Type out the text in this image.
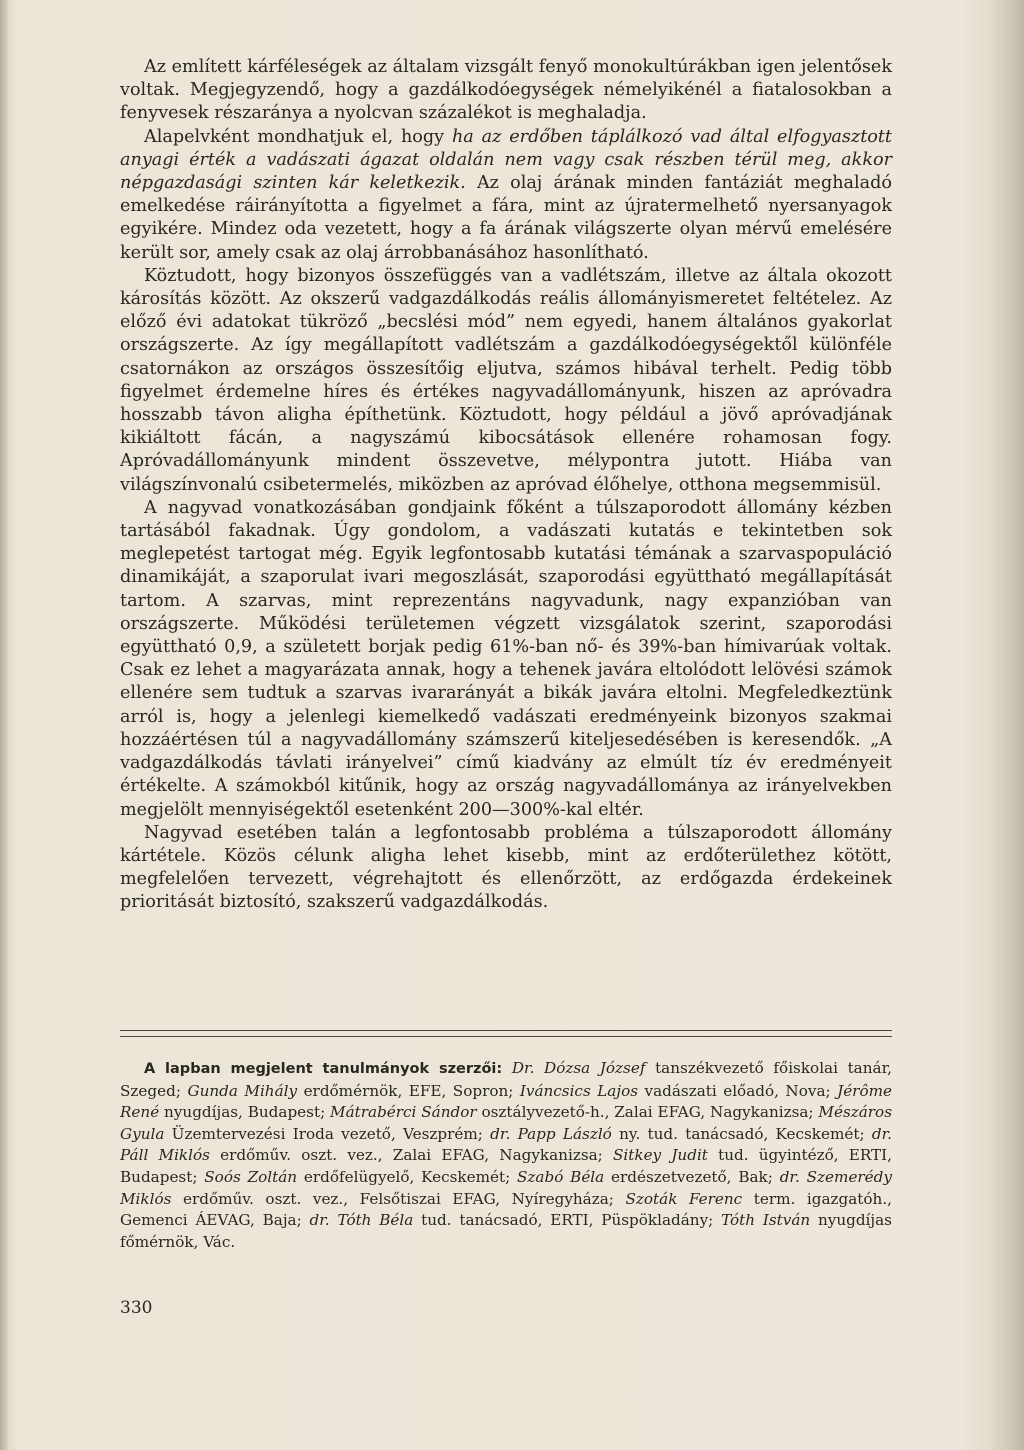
Az említett kárféleségek az általam vizsgált fenyő monokultúrákban igen jelentősek voltak. Megjegyzendő, hogy a gazdálkodóegységek némelyikénél a fiatalosokban a fenyvesek részaránya a nyolcvan százalékot is meghaladja.

Alapelvként mondhatjuk el, hogy ha az erdőben táplálkozó vad által elfogyasztott anyagi érték a vadászati ágazat oldalán nem vagy csak részben térül meg, akkor népgazdasági szinten kár keletkezik. Az olaj árának minden fantáziát meghaladó emelkedése ráirányította a figyelmet a fára, mint az újratermelhető nyersanyagok egyikére. Mindez oda vezetett, hogy a fa árának világszerte olyan mérvű emelésére került sor, amely csak az olaj árrobbanásához hasonlítható.

Köztudott, hogy bizonyos összefüggés van a vadlétszám, illetve az általa okozott károsítás között. Az okszerű vadgazdálkodás reális állományismeretet feltételez. Az előző évi adatokat tükröző „becslési mód” nem egyedi, hanem általános gyakorlat országszerte. Az így megállapított vadlétszám a gazdálkodóegységektől különféle csatornákon az országos összesítőig eljutva, számos hibával terhelt. Pedig több figyelmet érdemelne híres és értékes nagyvadállományunk, hiszen az apróvadra hosszabb távon aligha építhetünk. Köztudott, hogy például a jövő apróvadjának kikiáltott fácán, a nagyszámú kibocsátások ellenére rohamosan fogy. Apróvadállományunk mindent összevetve, mélypontra jutott. Hiába van világszínvonalú csibetermelés, miközben az apróvad élőhelye, otthona megsemmisül.

A nagyvad vonatkozásában gondjaink főként a túlszaporodott állomány kézben tartásából fakadnak. Úgy gondolom, a vadászati kutatás e tekintetben sok meglepetést tartogat még. Egyik legfontosabb kutatási témának a szarvaspopuláció dinamikáját, a szaporulat ivari megoszlását, szaporodási együttható megállapítását tartom. A szarvas, mint reprezentáns nagyvadunk, nagy expanzióban van országszerte. Működési területemen végzett vizsgálatok szerint, szaporodási együttható 0,9, a született borjak pedig 61%-ban nő- és 39%-ban hímivarúak voltak. Csak ez lehet a magyarázata annak, hogy a tehenek javára eltolódott lelövési számok ellenére sem tudtuk a szarvas ivararányát a bikák javára eltolni. Megfeledkeztünk arról is, hogy a jelenlegi kiemelkedő vadászati eredményeink bizonyos szakmai hozzáértésen túl a nagyvadállomány számszerű kiteljesedésében is keresendők. „A vadgazdálkodás távlati irányelvei” című kiadvány az elmúlt tíz év eredményeit értékelte. A számokból kitűnik, hogy az ország nagyvadállománya az irányelvekben megjelölt mennyiségektől esetenként 200—300%-kal eltér.

Nagyvad esetében talán a legfontosabb probléma a túlszaporodott állomány kártétele. Közös célunk aligha lehet kisebb, mint az erdőterülethez kötött, megfelelően tervezett, végrehajtott és ellenőrzött, az erdőgazda érdekeinek prioritását biztosító, szakszerű vadgazdálkodás.

A lapban megjelent tanulmányok szerzői: Dr. Dózsa József tanszékvezető főiskolai tanár, Szeged; Gunda Mihály erdőmérnök, EFE, Sopron; Iváncsics Lajos vadászati előadó, Nova; Jérôme René nyugdíjas, Budapest; Mátrabérci Sándor osztályvezető-h., Zalai EFAG, Nagykanizsa; Mészáros Gyula Üzemtervezési Iroda vezető, Veszprém; dr. Papp László ny. tud. tanácsadó, Kecskemét; dr. Páll Miklós erdőműv. oszt. vez., Zalai EFAG, Nagykanizsa; Sitkey Judit tud. ügyintéző, ERTI, Budapest; Soós Zoltán erdőfelügyelő, Kecskemét; Szabó Béla erdészetvezető, Bak; dr. Szemerédy Miklós erdőműv. oszt. vez., Felsőtiszai EFAG, Nyíregyháza; Szoták Ferenc term. igazgatóh., Gemenci ÁEVAG, Baja; dr. Tóth Béla tud. tanácsadó, ERTI, Püspökladány; Tóth István nyugdíjas főmérnök, Vác.

330
